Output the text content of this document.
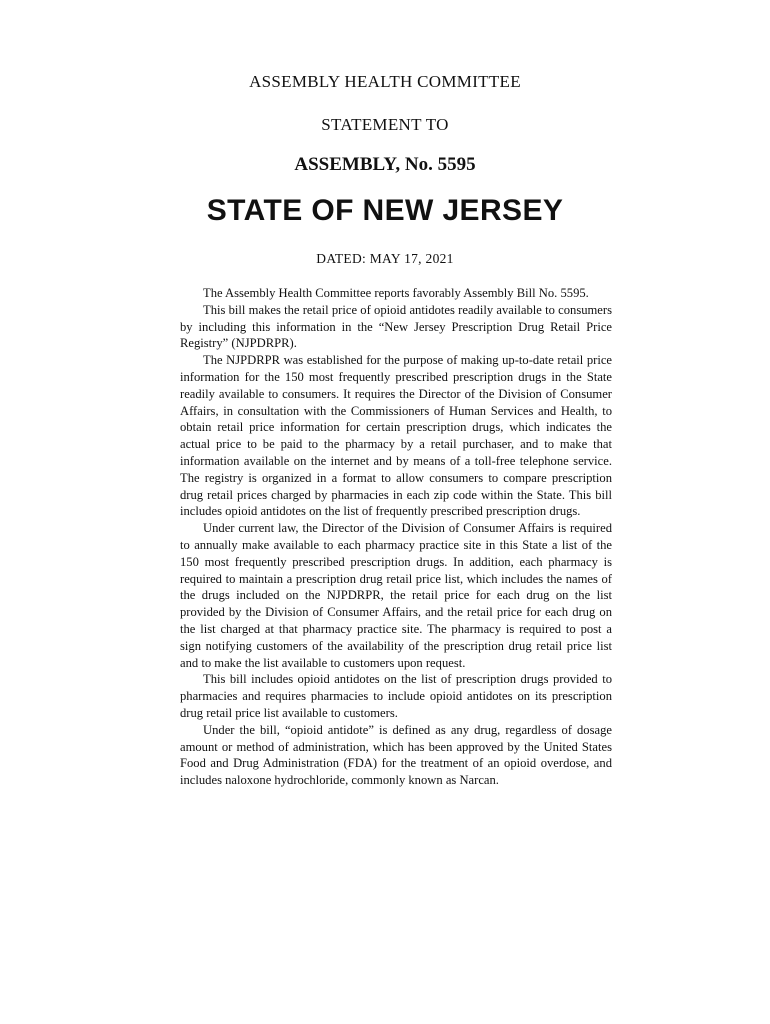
ASSEMBLY HEALTH COMMITTEE
STATEMENT TO
ASSEMBLY, No. 5595
STATE OF NEW JERSEY
DATED: MAY 17, 2021

The Assembly Health Committee reports favorably Assembly Bill No. 5595.

This bill makes the retail price of opioid antidotes readily available to consumers by including this information in the “New Jersey Prescription Drug Retail Price Registry” (NJPDRPR).

The NJPDRPR was established for the purpose of making up-to-date retail price information for the 150 most frequently prescribed prescription drugs in the State readily available to consumers. It requires the Director of the Division of Consumer Affairs, in consultation with the Commissioners of Human Services and Health, to obtain retail price information for certain prescription drugs, which indicates the actual price to be paid to the pharmacy by a retail purchaser, and to make that information available on the internet and by means of a toll-free telephone service. The registry is organized in a format to allow consumers to compare prescription drug retail prices charged by pharmacies in each zip code within the State. This bill includes opioid antidotes on the list of frequently prescribed prescription drugs.

Under current law, the Director of the Division of Consumer Affairs is required to annually make available to each pharmacy practice site in this State a list of the 150 most frequently prescribed prescription drugs. In addition, each pharmacy is required to maintain a prescription drug retail price list, which includes the names of the drugs included on the NJPDRPR, the retail price for each drug on the list provided by the Division of Consumer Affairs, and the retail price for each drug on the list charged at that pharmacy practice site. The pharmacy is required to post a sign notifying customers of the availability of the prescription drug retail price list and to make the list available to customers upon request.

This bill includes opioid antidotes on the list of prescription drugs provided to pharmacies and requires pharmacies to include opioid antidotes on its prescription drug retail price list available to customers.

Under the bill, “opioid antidote” is defined as any drug, regardless of dosage amount or method of administration, which has been approved by the United States Food and Drug Administration (FDA) for the treatment of an opioid overdose, and includes naloxone hydrochloride, commonly known as Narcan.
